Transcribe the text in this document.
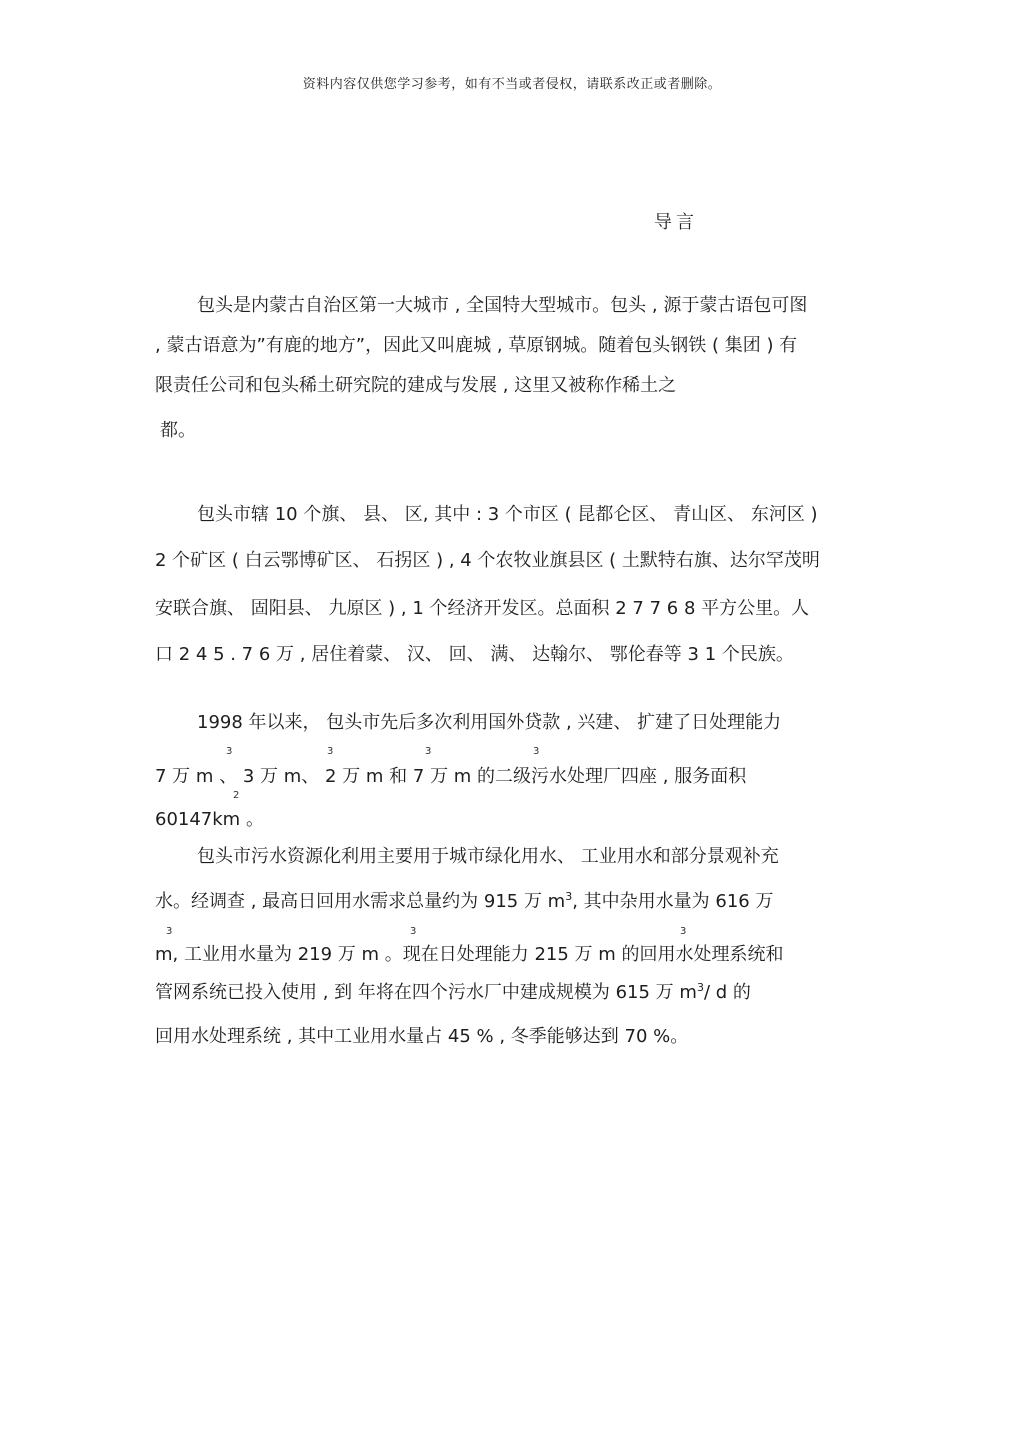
资料内容仅供您学习参考，如有不当或者侵权，请联系改正或者删除。
导言
包头是内蒙古自治区第一大城市 , 全国特大型城市。包头 , 源于蒙古语包可图
, 蒙古语意为”有鹿的地方”，因此又叫鹿城 , 草原钢城。随着包头钢铁 ( 集团 ) 有
限责任公司和包头稀土研究院的建成与发展 , 这里又被称作稀土之
都。
包头市辖 10 个旗、 县、 区, 其中 : 3 个市区 ( 昆都仑区、 青山区、 东河区 )
2 个矿区 ( 白云鄂博矿区、 石拐区 ) , 4 个农牧业旗县区 ( 土默特右旗、达尔罕茂明
安联合旗、 固阳县、 九原区 ) , 1 个经济开发区。总面积 2 7 7 6 8 平方公里。人
口 2 4 5 . 7 6 万 , 居住着蒙、 汉、 回、 满、 达翰尔、 鄂伦春等 3 1 个民族。
1998 年以来， 包头市先后多次利用国外贷款 , 兴建、 扩建了日处理能力
3	3	3	3
7 万 m 、 3 万 m、 2 万 m 和 7 万 m 的二级污水处理厂四座 , 服务面积
2
60147km 。
包头市污水资源化利用主要用于城市绿化用水、 工业用水和部分景观补充
水。经调查 , 最高日回用水需求总量约为 915 万 $m^3$, 其中杂用水量为 616 万
3	3	3
m, 工业用水量为 219 万 m 。现在日处理能力 215 万 m 的回用水处理系统和
管网系统已投入使用 , 到 年将在四个污水厂中建成规模为 615 万 $m^3/$ d 的
回用水处理系统 , 其中工业用水量占 45 % , 冬季能够达到 70 %。
